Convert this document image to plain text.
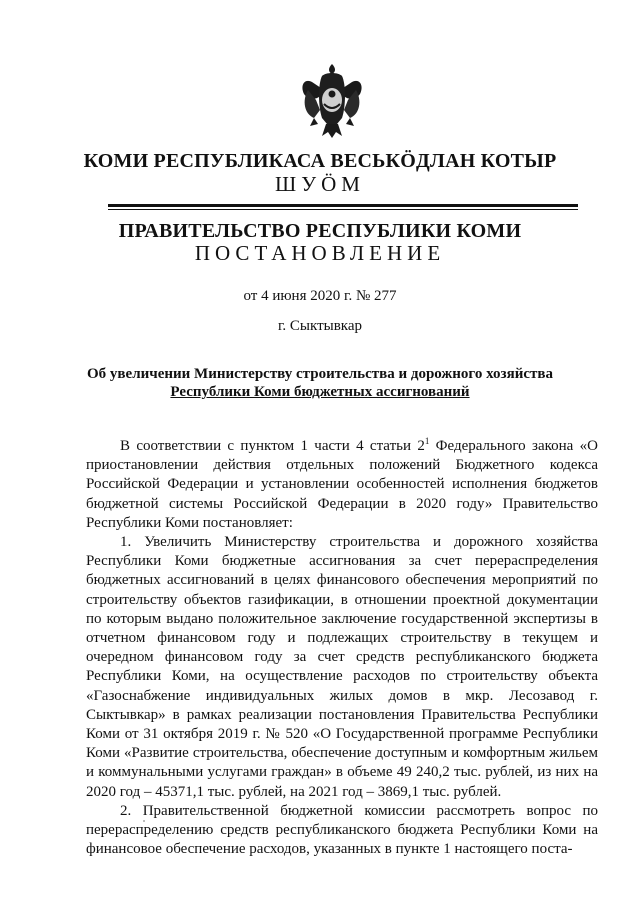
КОМИ РЕСПУБЛИКАСА ВЕСЬКÖДЛАН КОТЫР
ШУÖМ
ПРАВИТЕЛЬСТВО РЕСПУБЛИКИ КОМИ
ПОСТАНОВЛЕНИЕ
от 4 июня 2020 г. № 277
г. Сыктывкар
Об увеличении Министерству строительства и дорожного хозяйства
Республики Коми бюджетных ассигнований

В соответствии с пунктом 1 части 4 статьи $2^1$ Федерального закона «О приостановлении действия отдельных положений Бюджетного кодекса Российской Федерации и установлении особенностей исполнения бюджетов бюджетной системы Российской Федерации в 2020 году» Правительство Республики Коми постановляет:

1. Увеличить Министерству строительства и дорожного хозяйства Республики Коми бюджетные ассигнования за счет перераспределения бюджетных ассигнований в целях финансового обеспечения мероприятий по строительству объектов газификации, в отношении проектной документации по которым выдано положительное заключение государственной экспертизы в отчетном финансовом году и подлежащих строительству в текущем и очередном финансовом году за счет средств республиканского бюджета Республики Коми, на осуществление расходов по строительству объекта «Газоснабжение индивидуальных жилых домов в мкр. Лесозавод г. Сыктывкар» в рамках реализации постановления Правительства Республики Коми от 31 октября 2019 г. № 520 «О Государственной программе Республики Коми «Развитие строительства, обеспечение доступным и комфортным жильем и коммунальными услугами граждан» в объеме 49 240,2 тыс. рублей, из них на 2020 год – 45371,1 тыс. рублей, на 2021 год – 3869,1 тыс. рублей.

2. Правительственной бюджетной комиссии рассмотреть вопрос по перераспределению средств республиканского бюджета Республики Коми на финансовое обеспечение расходов, указанных в пункте 1 настоящего поста-
